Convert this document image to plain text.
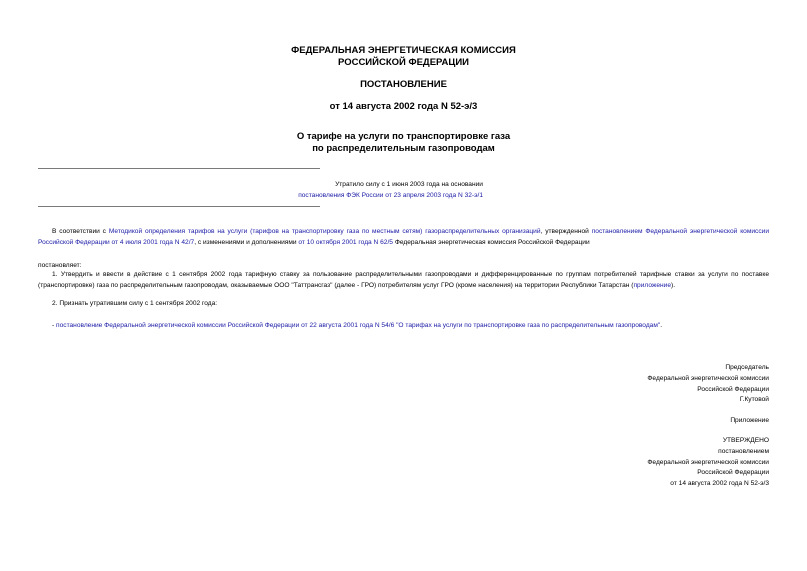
ФЕДЕРАЛЬНАЯ ЭНЕРГЕТИЧЕСКАЯ КОМИССИЯ
РОССИЙСКОЙ ФЕДЕРАЦИИ
ПОСТАНОВЛЕНИЕ
от 14 августа 2002 года N 52-э/3
О тарифе на услуги по транспортировке газа
по распределительным газопроводам
Утратило силу с 1 июня 2003 года на основании
постановления ФЭК России от 23 апреля 2003 года N 32-э/1
В соответствии с Методикой определения тарифов на услуги (тарифов на транспортировку газа по местным сетям) газораспределительных организаций, утвержденной постановлением Федеральной энергетической комиссии Российской Федерации от 4 июля 2001 года N 42/7, с изменениями и дополнениями от 10 октября 2001 года N 62/5 Федеральная энергетическая комиссия Российской Федерации
постановляет:
1. Утвердить и ввести в действие с 1 сентября 2002 года тарифную ставку за пользование распределительными газопроводами и дифференцированные по группам потребителей тарифные ставки за услуги по поставке (транспортировке) газа по распределительным газопроводам, оказываемые ООО "Таттрансгаз" (далее - ГРО) потребителям услуг ГРО (кроме населения) на территории Республики Татарстан (приложение).
2. Признать утратившим силу с 1 сентября 2002 года:
- постановление Федеральной энергетической комиссии Российской Федерации от 22 августа 2001 года N 54/6 "О тарифах на услуги по транспортировке газа по распределительным газопроводам".
Председатель
Федеральной энергетической комиссии
Российской Федерации
Г.Кутовой
Приложение
УТВЕРЖДЕНО
постановлением
Федеральной энергетической комиссии
Российской Федерации
от 14 августа 2002 года N 52-э/3
